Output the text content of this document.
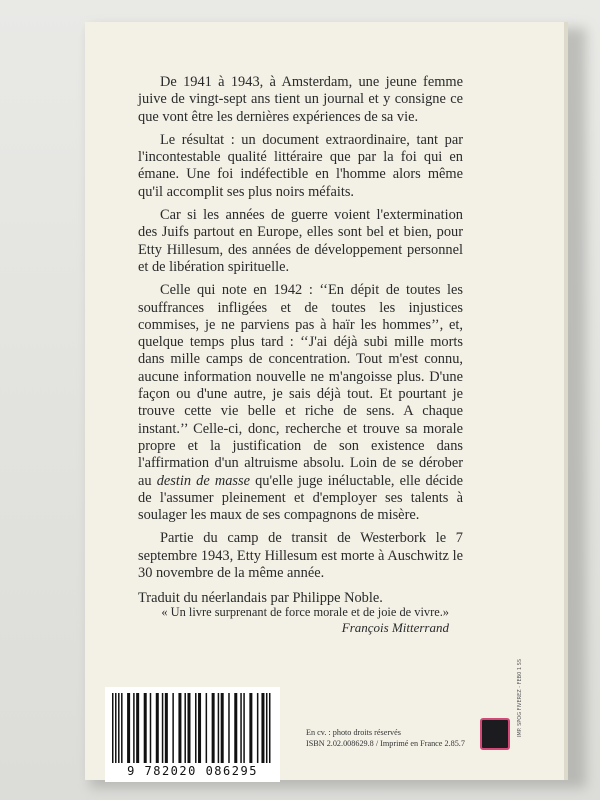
De 1941 à 1943, à Amsterdam, une jeune femme juive de vingt-sept ans tient un journal et y consigne ce que vont être les dernières expériences de sa vie.

Le résultat : un document extraordinaire, tant par l'incontestable qualité littéraire que par la foi qui en émane. Une foi indéfectible en l'homme alors même qu'il accomplit ses plus noirs méfaits.

Car si les années de guerre voient l'extermination des Juifs partout en Europe, elles sont bel et bien, pour Etty Hillesum, des années de développement personnel et de libération spirituelle.

Celle qui note en 1942 : ‘‘En dépit de toutes les souffrances infligées et de toutes les injustices commises, je ne parviens pas à haïr les hommes’’, et, quelque temps plus tard : ‘‘J'ai déjà subi mille morts dans mille camps de concentration. Tout m'est connu, aucune information nouvelle ne m'angoisse plus. D'une façon ou d'une autre, je sais déjà tout. Et pourtant je trouve cette vie belle et riche de sens. A chaque instant.’’ Celle-ci, donc, recherche et trouve sa morale propre et la justification de son existence dans l'affirmation d'un altruisme absolu. Loin de se dérober au destin de masse qu'elle juge inéluctable, elle décide de l'assumer pleinement et d'employer ses talents à soulager les maux de ses compagnons de misère.

Partie du camp de transit de Westerbork le 7 septembre 1943, Etty Hillesum est morte à Auschwitz le 30 novembre de la même année.

Traduit du néerlandais par Philippe Noble.

« Un livre surprenant de force morale et de joie de vivre.»
François Mitterrand
9 782020 086295
En cv. : photo droits réservés
ISBN 2.02.008629.8 / Imprimé en France 2.85.7
IMP. SPOG FIVEREZ - FEB0 1 SS
